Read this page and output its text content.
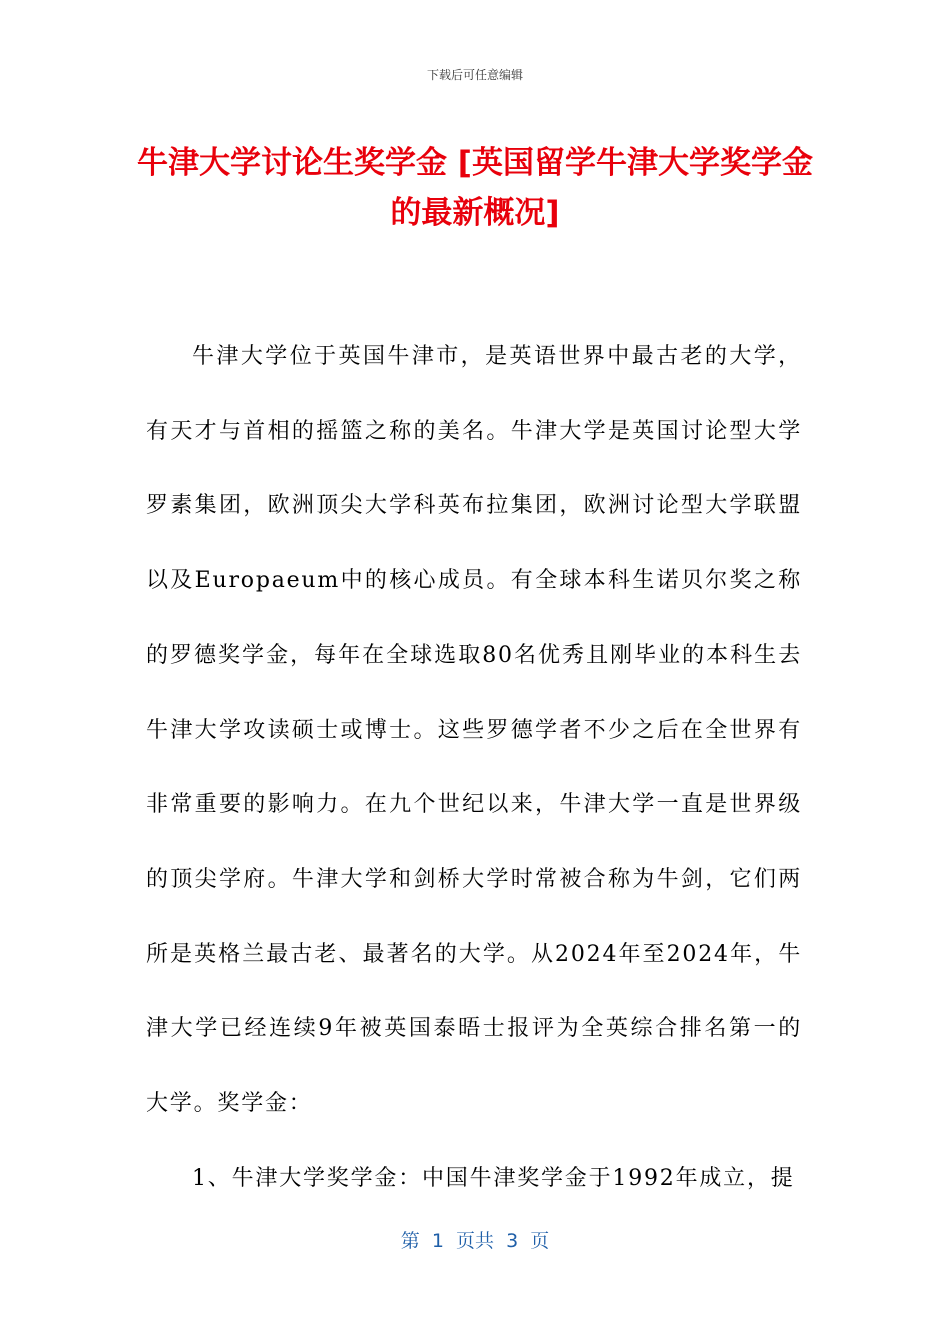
下载后可任意编辑
牛津大学讨论生奖学金 [英国留学牛津大学奖学金的最新概况]

牛津大学位于英国牛津市，是英语世界中最古老的大学，有天才与首相的摇篮之称的美名。牛津大学是英国讨论型大学罗素集团，欧洲顶尖大学科英布拉集团，欧洲讨论型大学联盟以及Europaeum中的核心成员。有全球本科生诺贝尔奖之称的罗德奖学金，每年在全球选取80名优秀且刚毕业的本科生去牛津大学攻读硕士或博士。这些罗德学者不少之后在全世界有非常重要的影响力。在九个世纪以来，牛津大学一直是世界级的顶尖学府。牛津大学和剑桥大学时常被合称为牛剑，它们两所是英格兰最古老、最著名的大学。从2024年至2024年，牛津大学已经连续9年被英国泰晤士报评为全英综合排名第一的大学。奖学金：

1、牛津大学奖学金：中国牛津奖学金于1992年成立，提

第  1  页共  3  页
